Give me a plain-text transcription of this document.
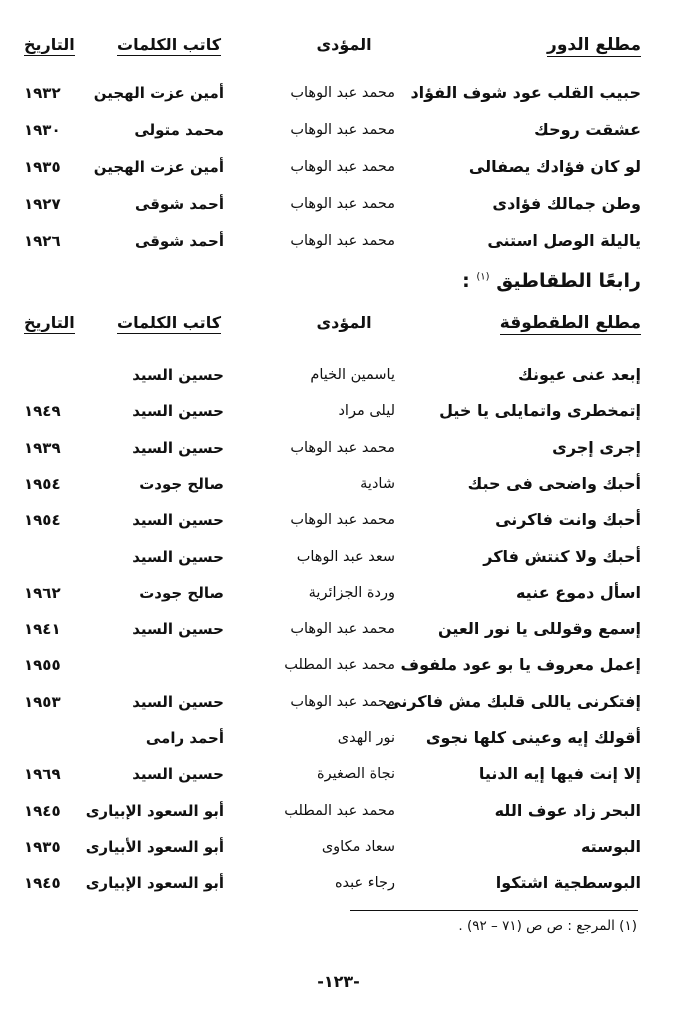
مطلع الدور
المؤدى
كاتب الكلمات
التاريخ
حبيب القلب عود شوف الفؤاد
محمد عبد الوهاب
أمين عزت الهجين
١٩٣٢
عشقت روحك
محمد عبد الوهاب
محمد متولى
١٩٣٠
لو كان فؤادك يصفالى
محمد عبد الوهاب
أمين عزت الهجين
١٩٣٥
وطن جمالك فؤادى
محمد عبد الوهاب
أحمد شوقى
١٩٢٧
ياليلة الوصل استنى
محمد عبد الوهاب
أحمد شوقى
١٩٢٦
رابعًا الطقاطيق $^{(١)}$ :
مطلع الطقطوقة
المؤدى
كاتب الكلمات
التاريخ
إبعد عنى عيونك
ياسمين الخيام
حسين السيد
إتمخطرى واتمايلى يا خيل
ليلى مراد
حسين السيد
١٩٤٩
إجرى إجرى
محمد عبد الوهاب
حسين السيد
١٩٣٩
أحبك واضحى فى حبك
شادية
صالح جودت
١٩٥٤
أحبك وانت فاكرنى
محمد عبد الوهاب
حسين السيد
١٩٥٤
أحبك ولا كنتش فاكر
سعد عبد الوهاب
حسين السيد
اسأل دموع عنيه
وردة الجزائرية
صالح جودت
١٩٦٢
إسمع وقوللى يا نور العين
محمد عبد الوهاب
حسين السيد
١٩٤١
إعمل معروف يا بو عود ملفوف
محمد عبد المطلب
١٩٥٥
إفتكرنى ياللى قلبك مش فاكرنى
محمد عبد الوهاب
حسين السيد
١٩٥٣
أقولك إيه وعينى كلها نجوى
نور الهدى
أحمد رامى
إلا إنت فيها إيه الدنيا
نجاة الصغيرة
حسين السيد
١٩٦٩
البحر زاد عوف الله
محمد عبد المطلب
أبو السعود الإبيارى
١٩٤٥
البوسته
سعاد مكاوى
أبو السعود الأبيارى
١٩٣٥
البوسطجية اشتكوا
رجاء عبده
أبو السعود الإبيارى
١٩٤٥
(١) المرجع : ص ص (٧١ – ٩٢) .
-١٢٣-
